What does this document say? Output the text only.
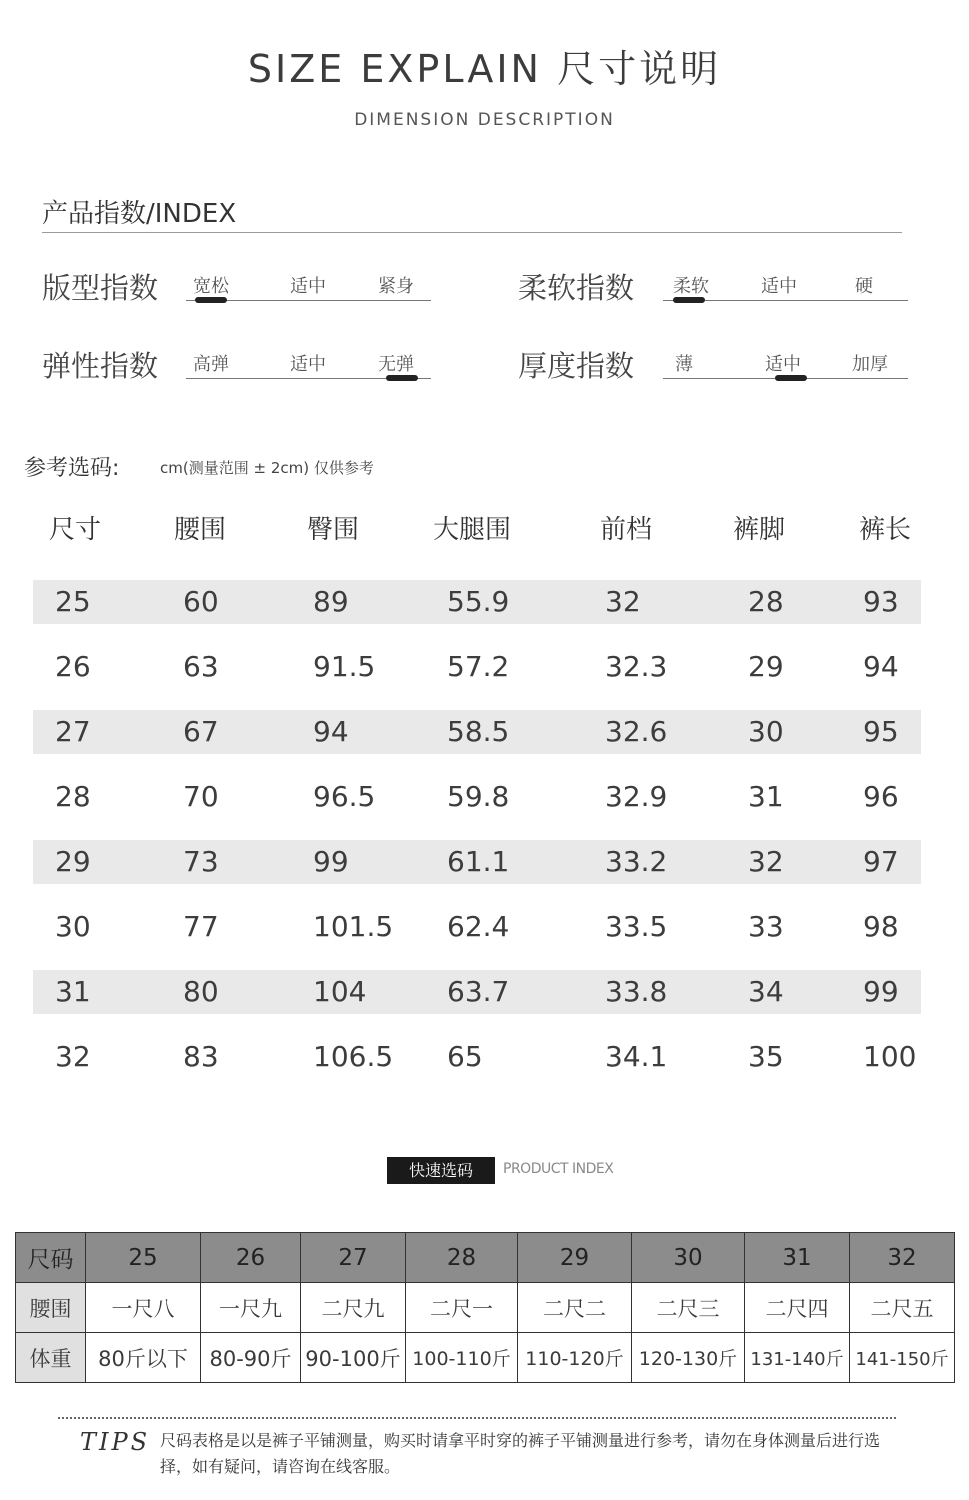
SIZE EXPLAIN 尺寸说明
DIMENSION DESCRIPTION
产品指数/INDEX
版型指数 宽松	适中	紧身	柔软指数 柔软	适中	硬
弹性指数 高弹	适中	无弹	厚度指数 薄	适中	加厚
参考选码:	cm(测量范围 ± 2cm) 仅供参考
尺寸	腰围	臀围	大腿围	前档	裤脚	裤长
25	60	89	55.9	32	28	93
26	63	91.5	57.2	32.3	29	94
27	67	94	58.5	32.6	30	95
28	70	96.5	59.8	32.9	31	96
29	73	99	61.1	33.2	32	97
30	77	101.5 62.4	33.5	33	98
31	80	104	63.7	33.8	34	99
32	83	106.5 65	34.1	35	100
快速选码	PRODUCT INDEX
尺码	25	26	27	28	29	30	31	32
腰围	一尺八	一尺九	二尺九	二尺一	二尺二	二尺三	二尺四	二尺五
体重	80斤以下	80-90斤	90-100斤	100-110斤	110-120斤	120-130斤	131-140斤	141-150斤
TIPS 尺码表格是以是裤子平铺测量，购买时请拿平时穿的裤子平铺测量进行参考，请勿在身体测量后进行选择，如有疑问，请咨询在线客服。
